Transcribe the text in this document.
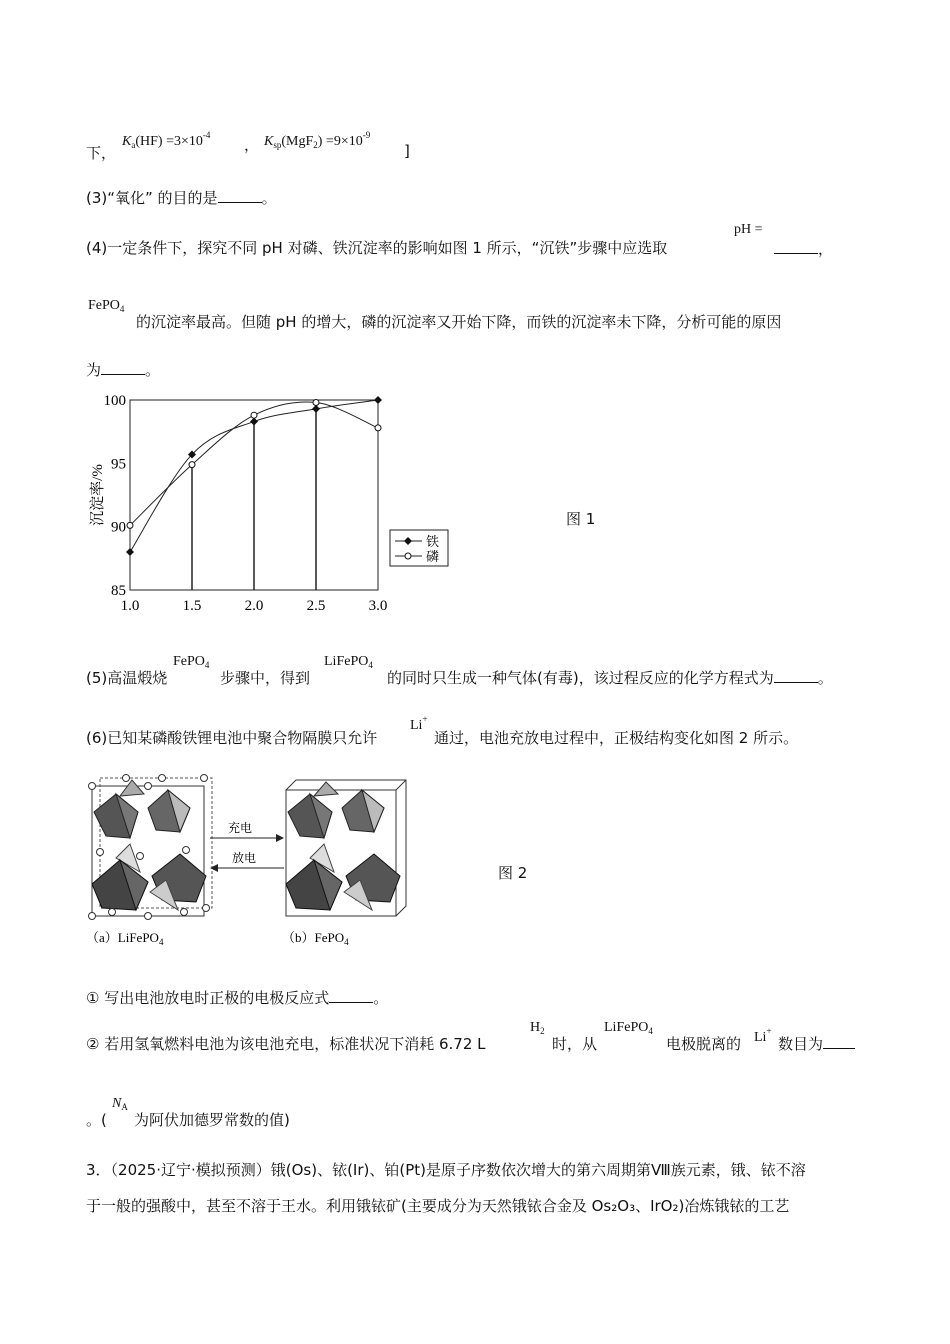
下，
$K_a(HF) =3\times 10^{-4}$
， $K_{sp}(MgF_2) =9\times 10^{-9}$
]
(3)“氧化” 的目的是	。
(4)一定条件下，探究不同 pH 对磷、铁沉淀率的影响如图 1 所示，“沉铁”步骤中应选取
pH =
，
FePO$_4$
的沉淀率最高。但随 pH 的增大，磷的沉淀率又开始下降，而铁的沉淀率未下降，分析可能的原因
为	。
85
90
95
100
1.0	1.5	2.0	2.5	3.0
沉淀率/%
铁
磷
图 1
(5)高温煅烧
FePO$_4$
步骤中，得到
LiFePO$_4$
的同时只生成一种气体(有毒)，该过程反应的化学方程式为	。
(6)已知某磷酸铁锂电池中聚合物隔膜只允许
Li+
通过，电池充放电过程中，正极结构变化如图 2 所示。
充电
放电
（a）LiFePO$_4$	（b）FePO$_4$
图 2
① 写出电池放电时正极的电极反应式	。
② 若用氢氧燃料电池为该电池充电，标准状况下消耗 6.72 L
$H_2$
时，从
LiFePO$_4$
电极脱离的 Li+
数目为
。(
$N_A$
为阿伏加德罗常数的值)
3．（2025·辽宁·模拟预测）锇(Os)、铱(Ir)、铂(Pt)是原子序数依次增大的第六周期第Ⅷ族元素，锇、铱不溶
于一般的强酸中，甚至不溶于王水。利用锇铱矿(主要成分为天然锇铱合金及 Os₂O₃、IrO₂)冶炼锇铱的工艺
